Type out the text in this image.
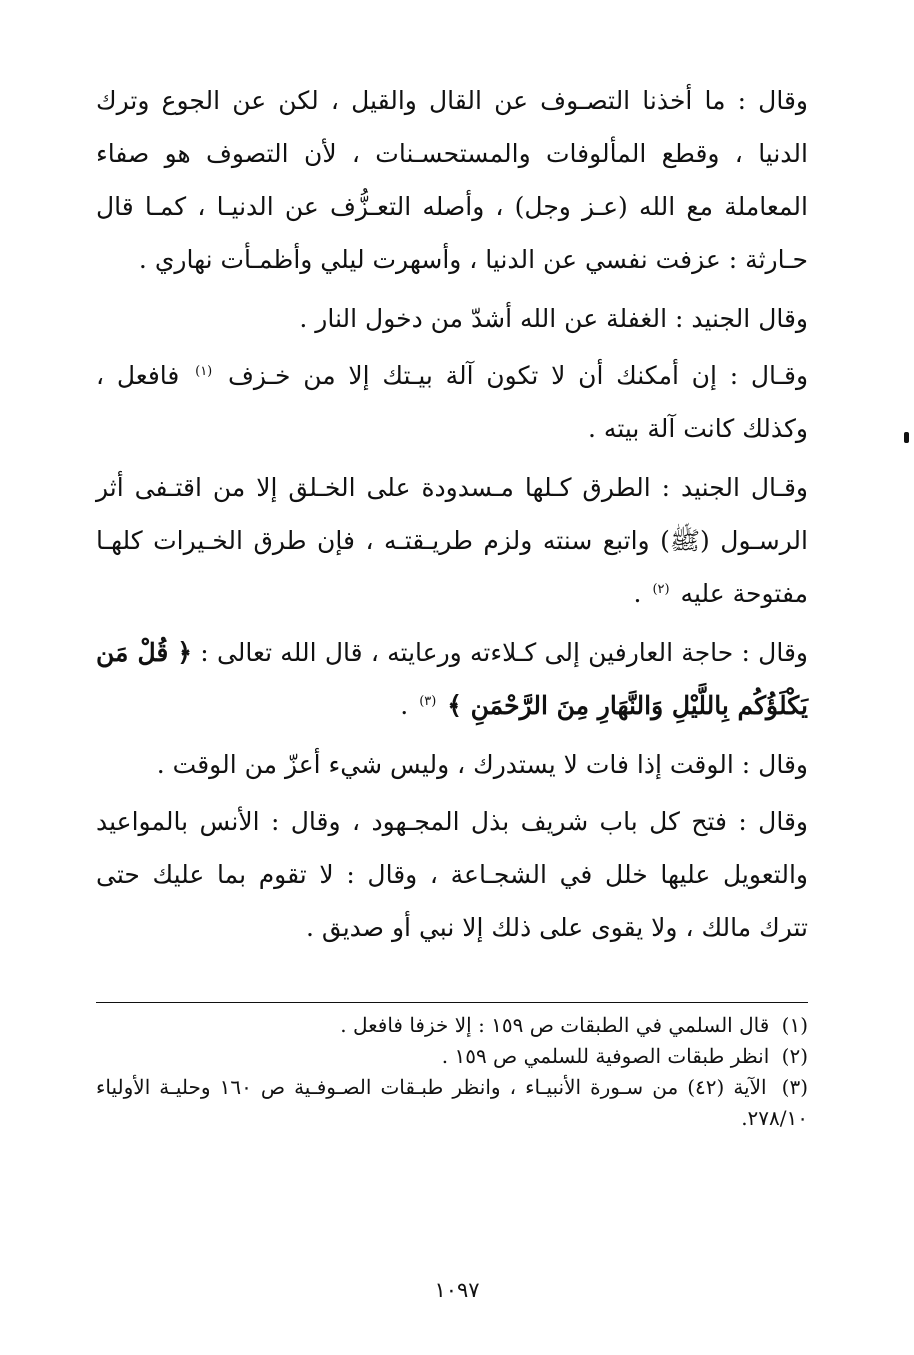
وقال : ما أخذنا التصـوف عن القال والقيل ، لكن عن الجوع وترك الدنيا ، وقطع المألوفات والمستحسـنات ، لأن التصوف هو صفاء المعاملة مع الله (عـز وجل) ، وأصله التعـزُّف عن الدنيـا ، كمـا قال حـارثة : عزفت نفسي عن الدنيا ، وأسهرت ليلي وأظمـأت نهاري .

وقال الجنيد : الغفلة عن الله أشدّ من دخول النار .

وقـال : إن أمكنك أن لا تكون آلة بيـتك إلا من خـزف $^{(١)}$ فافعل ، وكذلك كانت آلة بيته .

وقـال الجنيد : الطرق كـلها مـسدودة على الخـلق إلا من اقتـفى أثر الرسـول (ﷺ) واتبع سنته ولزم طريـقتـه ، فإن طرق الخـيرات كلهـا مفتوحة عليه $^{(٢)}$ .

وقال : حاجة العارفين إلى كـلاءته ورعايته ، قال الله تعالى : ﴿ قُلْ مَن يَكْلَؤُكُم بِاللَّيْلِ وَالنَّهَارِ مِنَ الرَّحْمَنِ ﴾ $^{(٣)}$ .

وقال : الوقت إذا فات لا يستدرك ، وليس شيء أعزّ من الوقت .

وقال : فتح كل باب شريف بذل المجـهود ، وقال : الأنس بالمواعيد والتعويل عليها خلل في الشجـاعة ، وقال : لا تقوم بما عليك حتى تترك مالك ، ولا يقوى على ذلك إلا نبي أو صديق .

(١) قال السلمي في الطبقات ص ١٥٩ : إلا خزفا فافعل .

(٢) انظر طبقات الصوفية للسلمي ص ١٥٩ .

(٣) الآية (٤٢) من سـورة الأنبيـاء ، وانظر طبـقات الصـوفـية ص ١٦٠ وحليـة الأولياء ٢٧٨/١٠.

١٠٩٧
